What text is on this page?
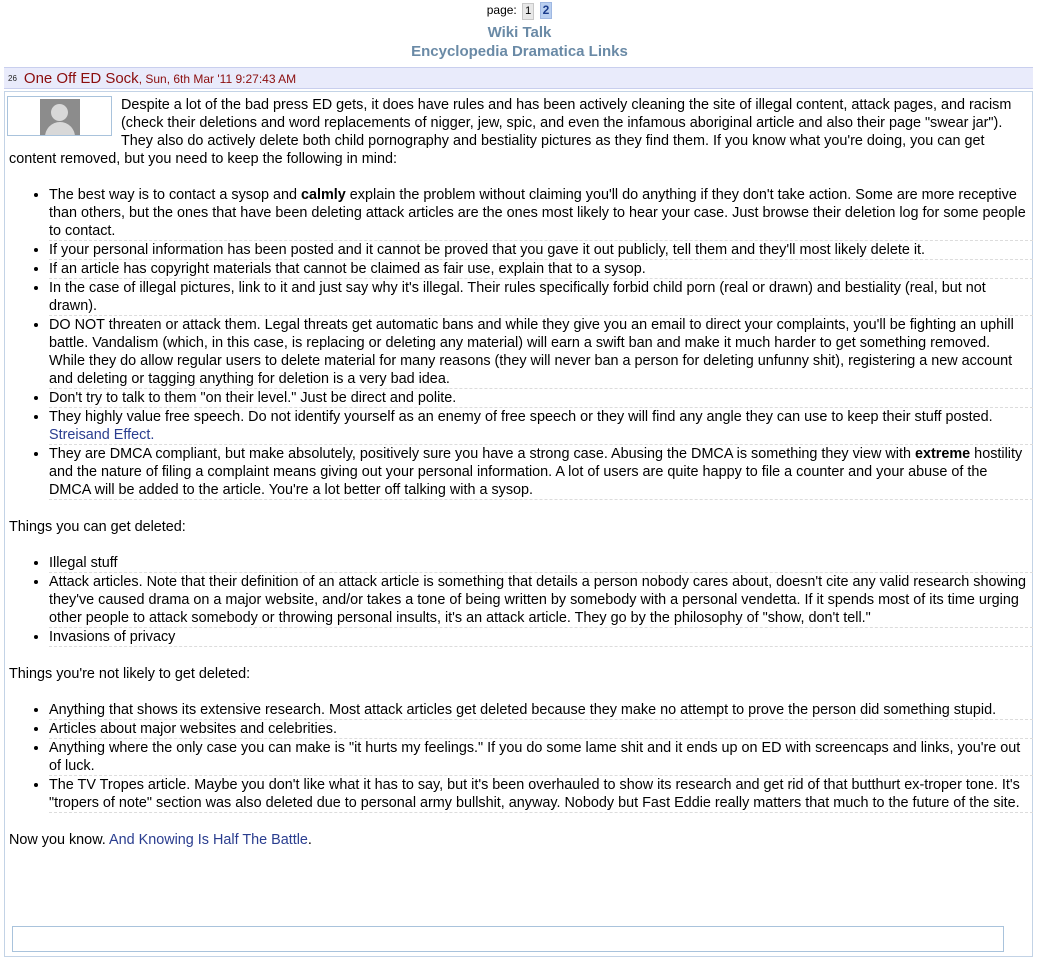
page: 1 2
Wiki Talk
Encyclopedia Dramatica Links
26 One Off ED Sock, Sun, 6th Mar '11 9:27:43 AM

Despite a lot of the bad press ED gets, it does have rules and has been actively cleaning the site of illegal content, attack pages, and racism (check their deletions and word replacements of nigger, jew, spic, and even the infamous aboriginal article and also their page "swear jar"). They also do actively delete both child pornography and bestiality pictures as they find them. If you know what you're doing, you can get content removed, but you need to keep the following in mind:

• The best way is to contact a sysop and calmly explain the problem without claiming you'll do anything if they don't take action. Some are more receptive than others, but the ones that have been deleting attack articles are the ones most likely to hear your case. Just browse their deletion log for some people to contact.
• If your personal information has been posted and it cannot be proved that you gave it out publicly, tell them and they'll most likely delete it.
• If an article has copyright materials that cannot be claimed as fair use, explain that to a sysop.
• In the case of illegal pictures, link to it and just say why it's illegal. Their rules specifically forbid child porn (real or drawn) and bestiality (real, but not drawn).
• DO NOT threaten or attack them. Legal threats get automatic bans and while they give you an email to direct your complaints, you'll be fighting an uphill battle. Vandalism (which, in this case, is replacing or deleting any material) will earn a swift ban and make it much harder to get something removed. While they do allow regular users to delete material for many reasons (they will never ban a person for deleting unfunny shit), registering a new account and deleting or tagging anything for deletion is a very bad idea.
• Don't try to talk to them "on their level." Just be direct and polite.
• They highly value free speech. Do not identify yourself as an enemy of free speech or they will find any angle they can use to keep their stuff posted. Streisand Effect.
• They are DMCA compliant, but make absolutely, positively sure you have a strong case. Abusing the DMCA is something they view with extreme hostility and the nature of filing a complaint means giving out your personal information. A lot of users are quite happy to file a counter and your abuse of the DMCA will be added to the article. You're a lot better off talking with a sysop.

Things you can get deleted:

• Illegal stuff
• Attack articles. Note that their definition of an attack article is something that details a person nobody cares about, doesn't cite any valid research showing they've caused drama on a major website, and/or takes a tone of being written by somebody with a personal vendetta. If it spends most of its time urging other people to attack somebody or throwing personal insults, it's an attack article. They go by the philosophy of "show, don't tell."
• Invasions of privacy

Things you're not likely to get deleted:

• Anything that shows its extensive research. Most attack articles get deleted because they make no attempt to prove the person did something stupid.
• Articles about major websites and celebrities.
• Anything where the only case you can make is "it hurts my feelings." If you do some lame shit and it ends up on ED with screencaps and links, you're out of luck.
• The TV Tropes article. Maybe you don't like what it has to say, but it's been overhauled to show its research and get rid of that butthurt ex-troper tone. It's "tropers of note" section was also deleted due to personal army bullshit, anyway. Nobody but Fast Eddie really matters that much to the future of the site.

Now you know. And Knowing Is Half The Battle.
